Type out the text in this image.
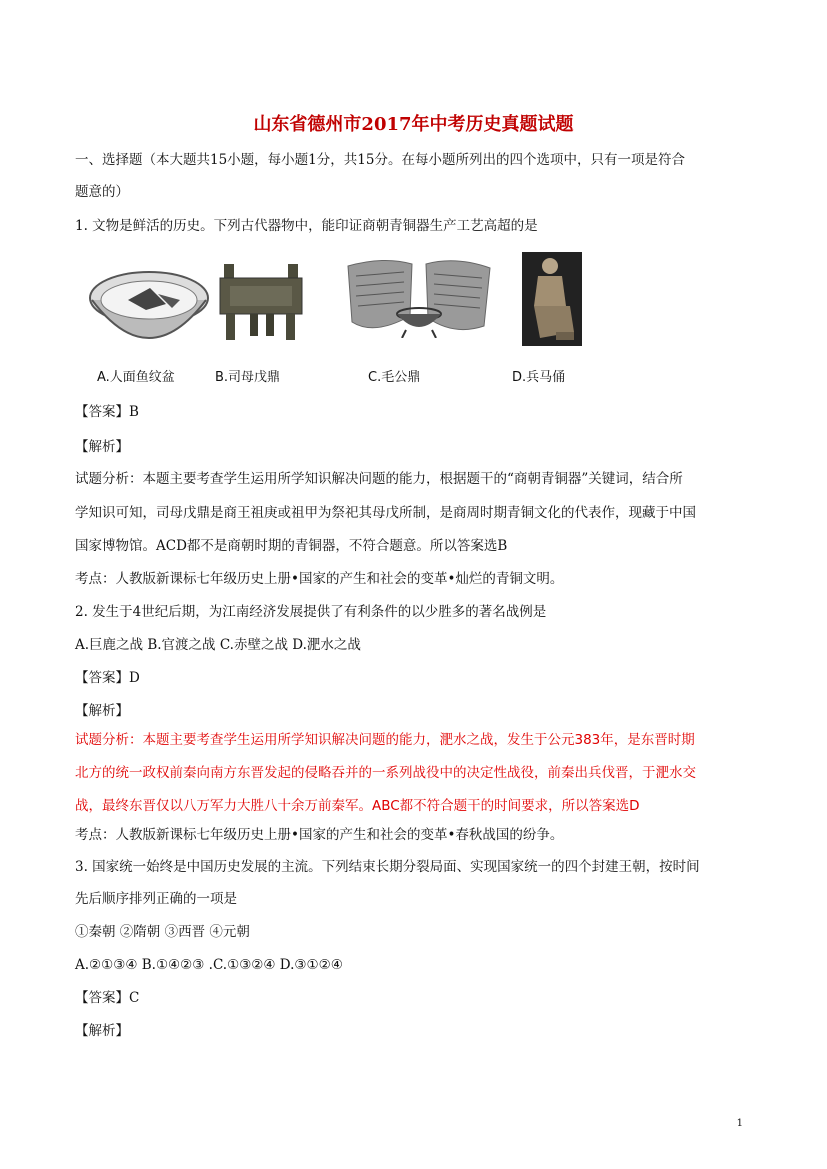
山东省德州市2017年中考历史真题试题
一、选择题（本大题共15小题，每小题1分，共15分。在每小题所列出的四个选项中，只有一项是符合
题意的）
1. 文物是鲜活的历史。下列古代器物中，能印证商朝青铜器生产工艺高超的是
A.人面鱼纹盆	B.司母戊鼎	C.毛公鼎	D.兵马俑
【答案】B
【解析】
试题分析：本题主要考查学生运用所学知识解决问题的能力，根据题干的“商朝青铜器”关键词，结合所
学知识可知，司母戊鼎是商王祖庚或祖甲为祭祀其母戊所制，是商周时期青铜文化的代表作，现藏于中国
国家博物馆。ACD都不是商朝时期的青铜器，不符合题意。所以答案选B
考点：人教版新课标七年级历史上册•国家的产生和社会的变革•灿烂的青铜文明。
2. 发生于4世纪后期，为江南经济发展提供了有利条件的以少胜多的著名战例是
A.巨鹿之战 B.官渡之战 C.赤壁之战 D.淝水之战
【答案】D
【解析】
试题分析：本题主要考查学生运用所学知识解决问题的能力，淝水之战，发生于公元383年，是东晋时期
北方的统一政权前秦向南方东晋发起的侵略吞并的一系列战役中的决定性战役，前秦出兵伐晋，于淝水交
战，最终东晋仅以八万军力大胜八十余万前秦军。ABC都不符合题干的时间要求，所以答案选D
考点：人教版新课标七年级历史上册•国家的产生和社会的变革•春秋战国的纷争。
3. 国家统一始终是中国历史发展的主流。下列结束长期分裂局面、实现国家统一的四个封建王朝，按时间
先后顺序排列正确的一项是
①秦朝 ②隋朝 ③西晋 ④元朝
A.②①③④ B.①④②③ .C.①③②④ D.③①②④
【答案】C
【解析】
1
